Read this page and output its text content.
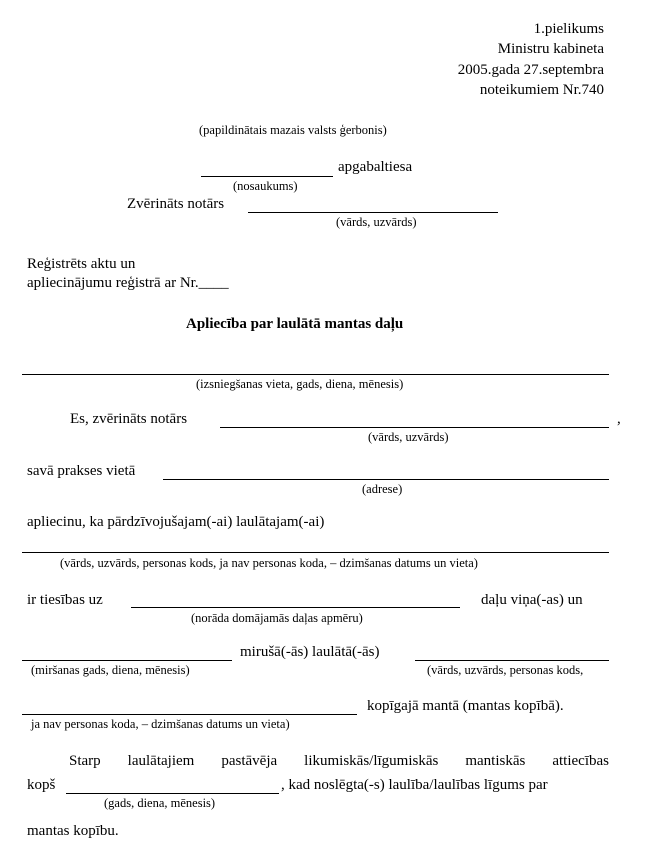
1.pielikums
Ministru kabineta
2005.gada 27.septembra
noteikumiem Nr.740
(papildinātais mazais valsts ģerbonis)
apgabaltiesa
(nosaukums)
Zvērināts notārs
(vārds, uzvārds)
Reģistrēts aktu un
apliecinājumu reģistrā ar Nr.____
Apliecība par laulātā mantas daļu
(izsniegšanas vieta, gads, diena, mēnesis)
Es, zvērināts notārs	,
(vārds, uzvārds)
savā prakses vietā
(adrese)
apliecinu, ka pārdzīvojušajam(-ai) laulātajam(-ai)
(vārds, uzvārds, personas kods, ja nav personas koda, – dzimšanas datums un vieta)
ir tiesības uz	daļu viņa(-as) un
(norāda domājamās daļas apmēru)
mirušā(-ās) laulātā(-ās)
(miršanas gads, diena, mēnesis)	(vārds, uzvārds, personas kods,
kopīgajā mantā (mantas kopībā).
ja nav personas koda, – dzimšanas datums un vieta)
Starp laulātajiem pastāvēja likumiskās/līgumiskās mantiskās attiecības
kopš	, kad noslēgta(-s) laulība/laulības līgums par
(gads, diena, mēnesis)
mantas kopību.
